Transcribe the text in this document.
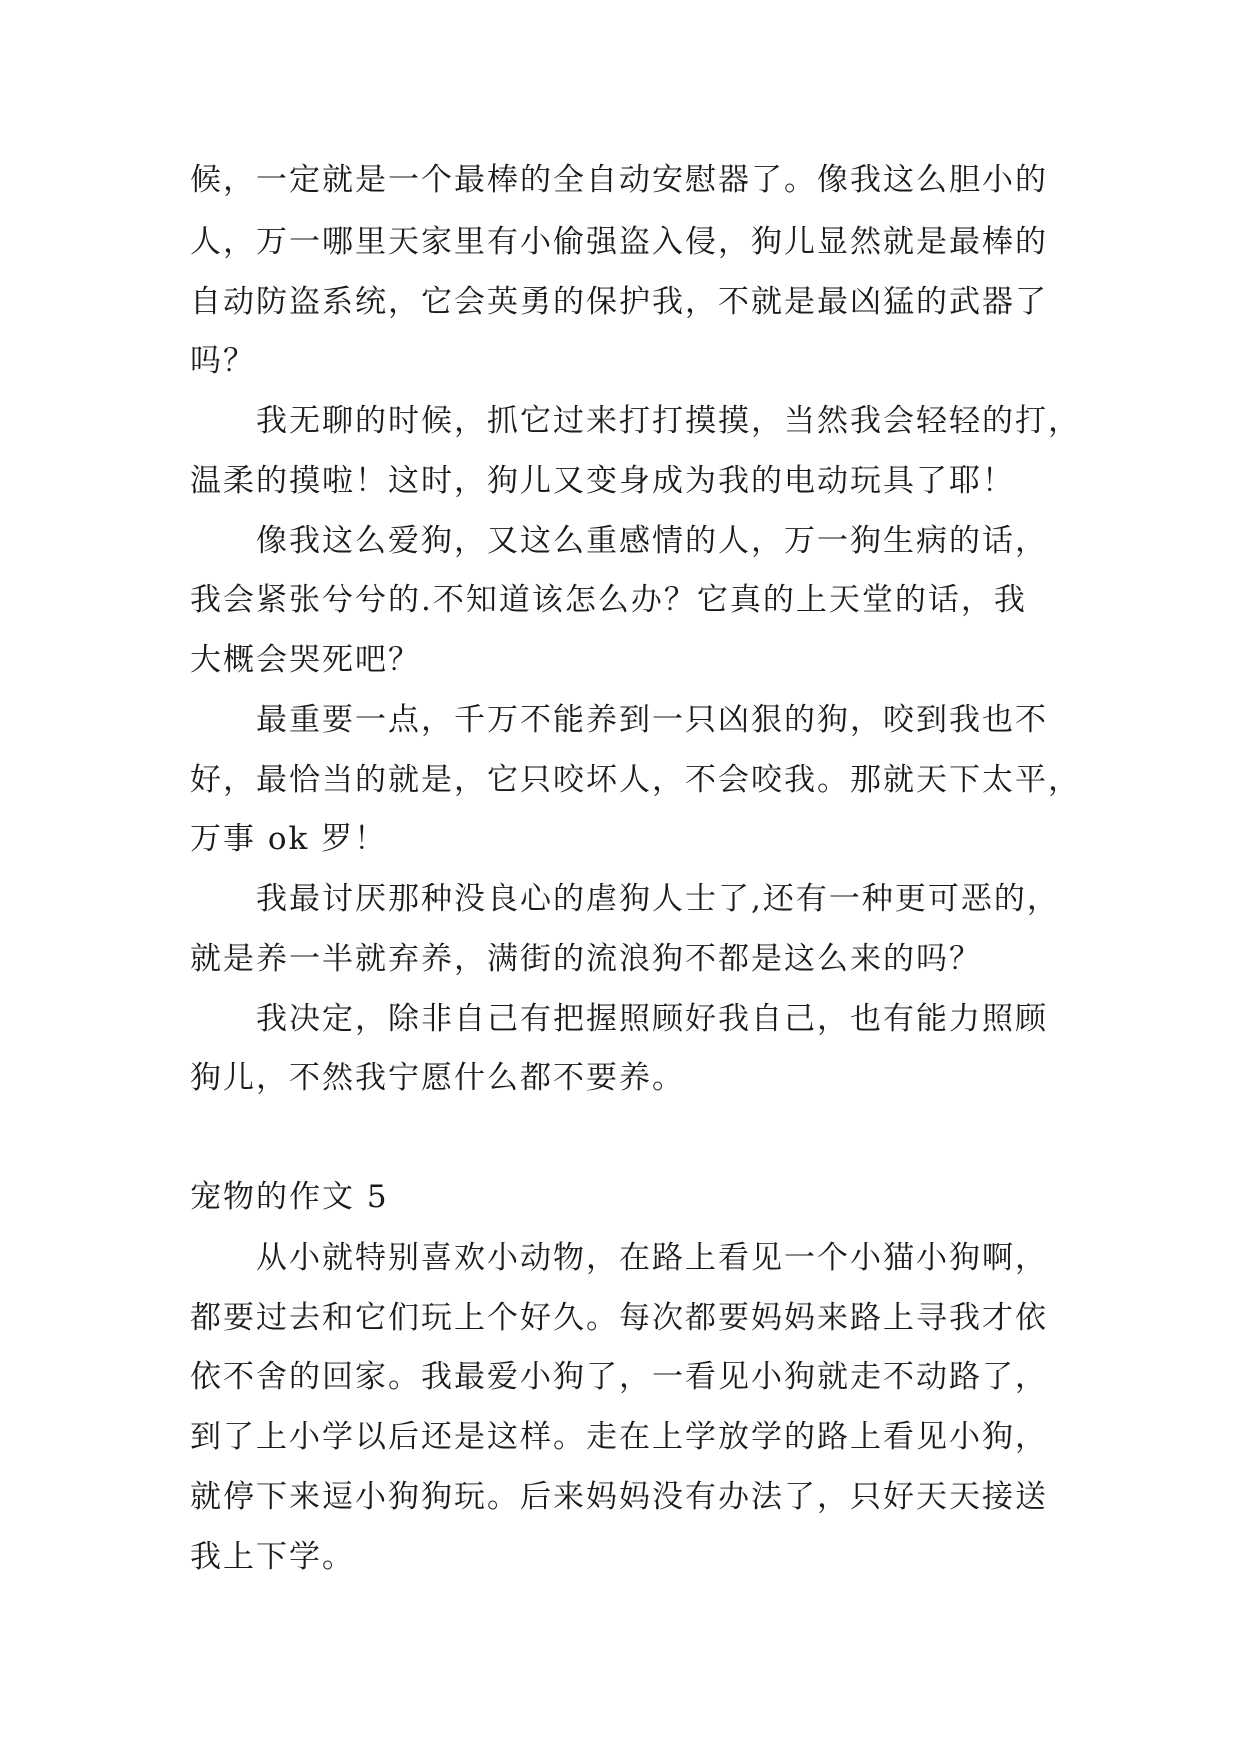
候，一定就是一个最棒的全自动安慰器了。像我这么胆小的
人，万一哪里天家里有小偷强盗入侵，狗儿显然就是最棒的
自动防盗系统，它会英勇的保护我，不就是最凶猛的武器了
吗？
我无聊的时候，抓它过来打打摸摸，当然我会轻轻的打，
温柔的摸啦！这时，狗儿又变身成为我的电动玩具了耶！
像我这么爱狗，又这么重感情的人，万一狗生病的话，
我会紧张兮兮的.不知道该怎么办？它真的上天堂的话，我
大概会哭死吧？
最重要一点，千万不能养到一只凶狠的狗，咬到我也不
好，最恰当的就是，它只咬坏人，不会咬我。那就天下太平，
万事 ok 罗！
我最讨厌那种没良心的虐狗人士了,还有一种更可恶的，
就是养一半就弃养，满街的流浪狗不都是这么来的吗？
我决定，除非自己有把握照顾好我自己，也有能力照顾
狗儿，不然我宁愿什么都不要养。
宠物的作文 5
从小就特别喜欢小动物，在路上看见一个小猫小狗啊，
都要过去和它们玩上个好久。每次都要妈妈来路上寻我才依
依不舍的回家。我最爱小狗了，一看见小狗就走不动路了，
到了上小学以后还是这样。走在上学放学的路上看见小狗，
就停下来逗小狗狗玩。后来妈妈没有办法了，只好天天接送
我上下学。
